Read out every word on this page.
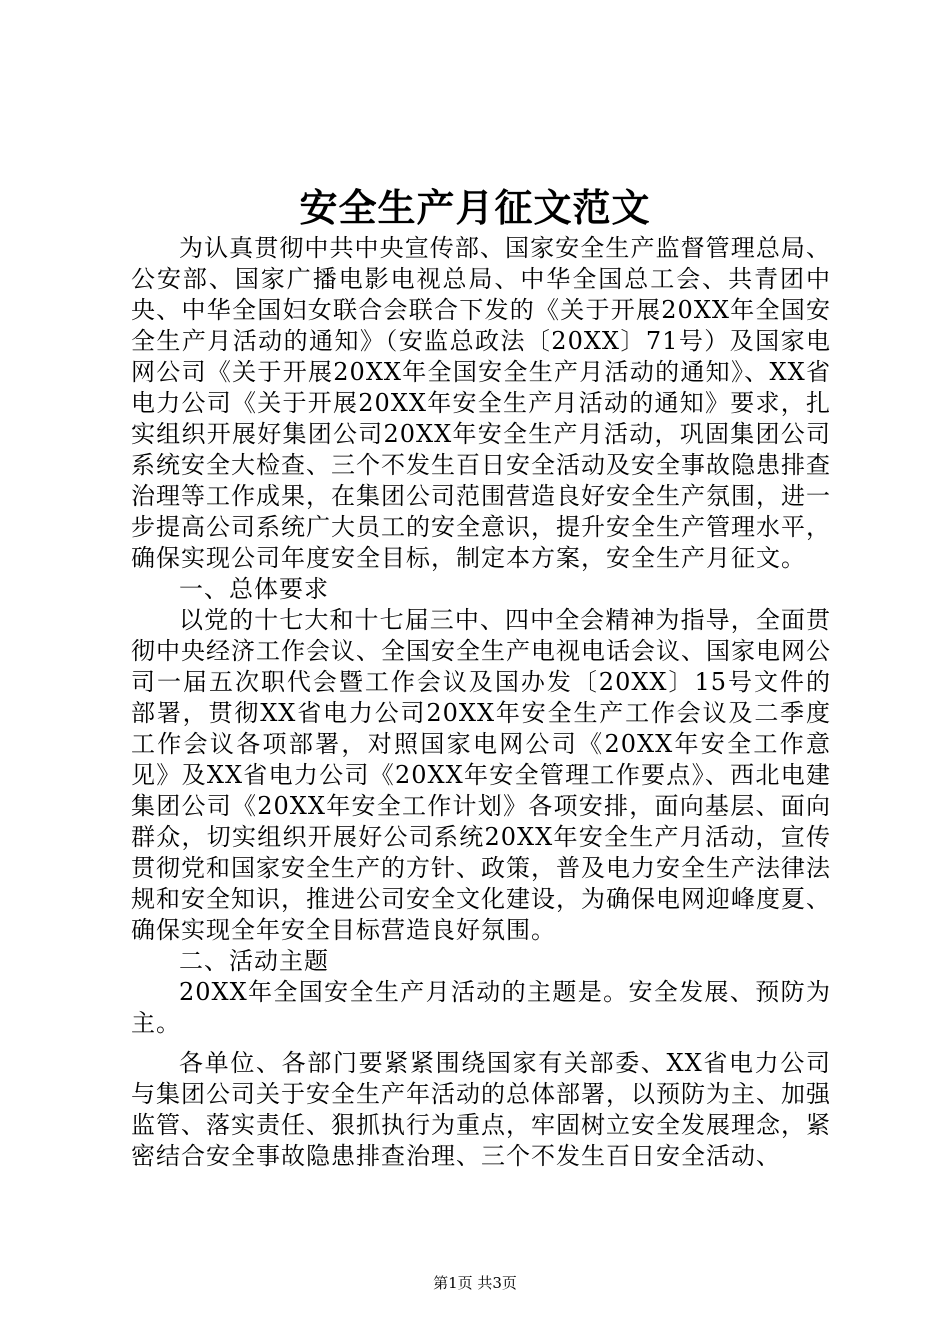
安全生产月征文范文

为认真贯彻中共中央宣传部、国家安全生产监督管理总局、公安部、国家广播电影电视总局、中华全国总工会、共青团中央、中华全国妇女联合会联合下发的《关于开展20XX年全国安全生产月活动的通知》（安监总政法〔20XX〕71号）及国家电网公司《关于开展20XX年全国安全生产月活动的通知》、XX省电力公司《关于开展20XX年安全生产月活动的通知》要求，扎实组织开展好集团公司20XX年安全生产月活动，巩固集团公司系统安全大检查、三个不发生百日安全活动及安全事故隐患排查治理等工作成果，在集团公司范围营造良好安全生产氛围，进一步提高公司系统广大员工的安全意识，提升安全生产管理水平，确保实现公司年度安全目标，制定本方案，安全生产月征文。

一、总体要求

以党的十七大和十七届三中、四中全会精神为指导，全面贯彻中央经济工作会议、全国安全生产电视电话会议、国家电网公司一届五次职代会暨工作会议及国办发〔20XX〕15号文件的部署，贯彻XX省电力公司20XX年安全生产工作会议及二季度工作会议各项部署，对照国家电网公司《20XX年安全工作意见》及XX省电力公司《20XX年安全管理工作要点》、西北电建集团公司《20XX年安全工作计划》各项安排，面向基层、面向群众，切实组织开展好公司系统20XX年安全生产月活动，宣传贯彻党和国家安全生产的方针、政策，普及电力安全生产法律法规和安全知识，推进公司安全文化建设，为确保电网迎峰度夏、确保实现全年安全目标营造良好氛围。

二、活动主题

20XX年全国安全生产月活动的主题是。安全发展、预防为主。

各单位、各部门要紧紧围绕国家有关部委、XX省电力公司与集团公司关于安全生产年活动的总体部署，以预防为主、加强监管、落实责任、狠抓执行为重点，牢固树立安全发展理念，紧密结合安全事故隐患排查治理、三个不发生百日安全活动、

第1页 共3页
